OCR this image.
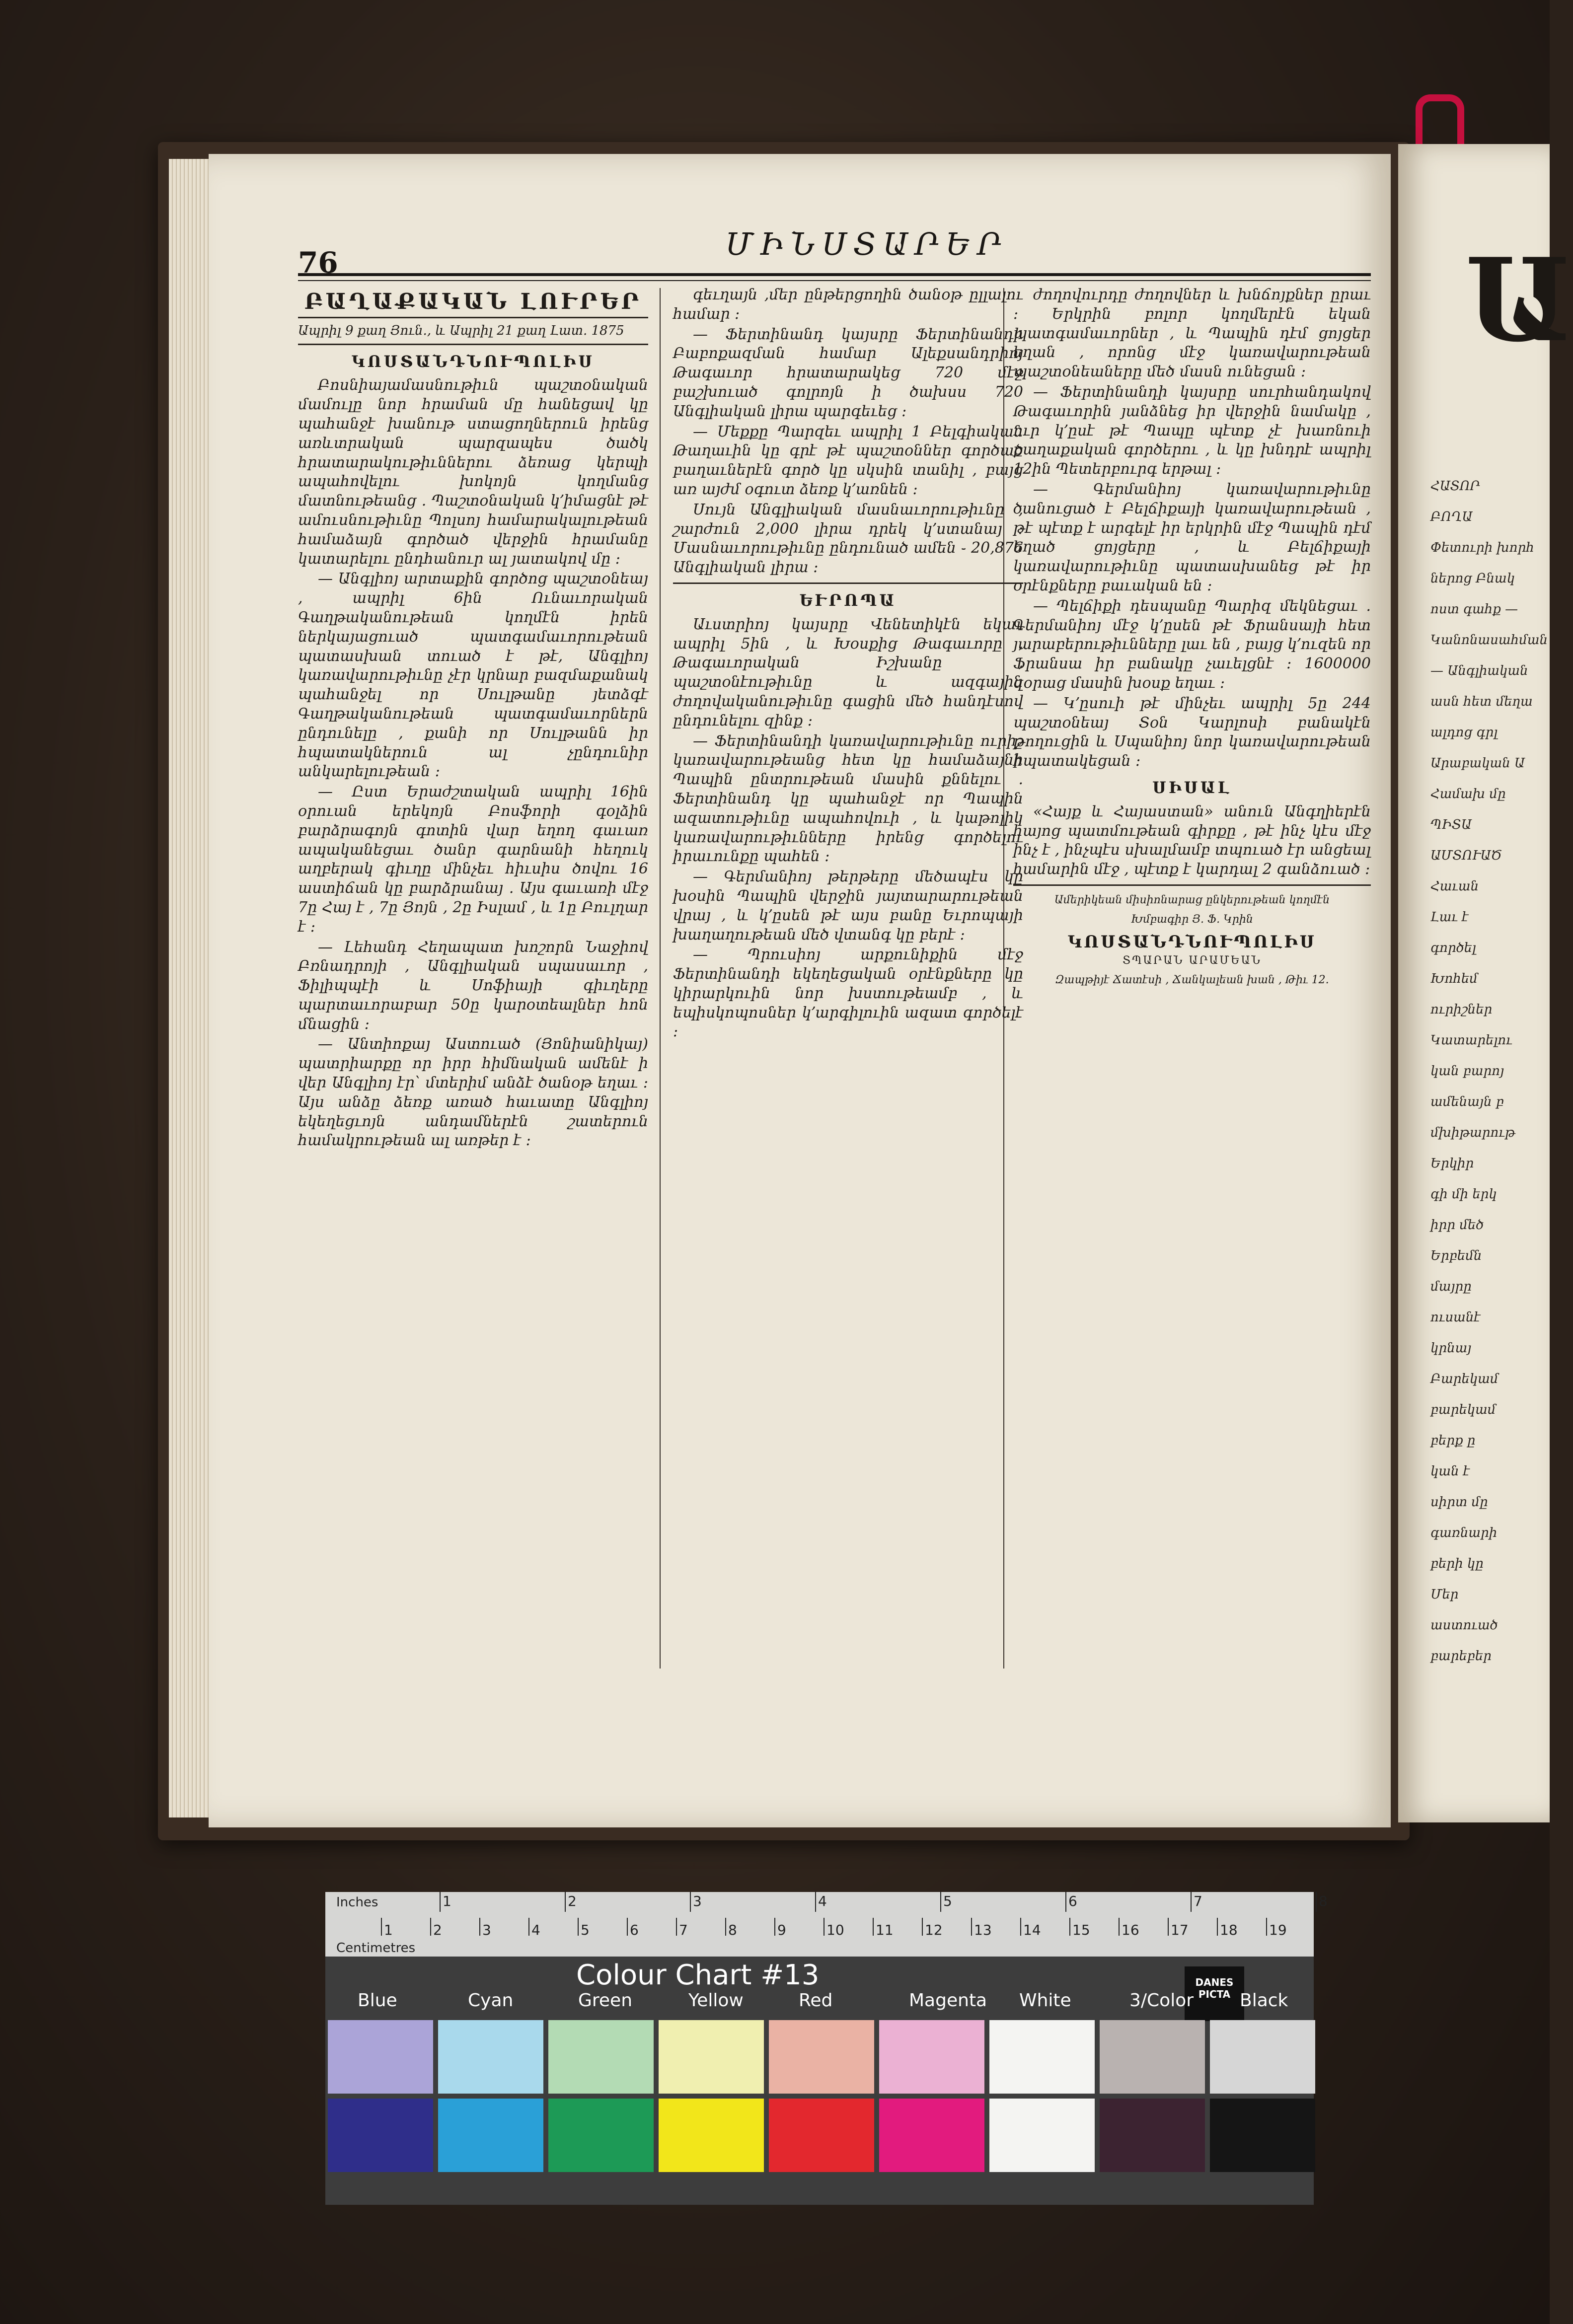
Ա
ՀԱՏՈՐ
ԲՈՂԱ
Փետուրի խորհ
ներոց Բնակ
ոստ գահք —
Կանոնասահման
— Անգլիական
ասն հետ մեղա
ալդոց գրլ
Արաբական Ա
Համախ մը
ՊԻՏԱ
ԱՄՏՈՒԱԾ
Հաւան
Լաւ է
գործել
Խոհեմ
ուրիշներ
Կատարելու
կան բարոյ
ամենայն բ
մխիթարութ
Երկիր
գի մի երկ
իրր մեծ
Երբեմն
մայրը
ուսանէ
կրնայ
Բարեկամ
բարեկամ
բերք ը
կան է
սիրտ մը
գառնարի
բերի կը
Մեր
աստուած
բարեբեր
76
ՄԻՆՍՏԱՐԵՐ
ԲԱՂԱՔԱԿԱՆ ԼՈՒՐԵՐ
Ապրիլ 9 քաղ Յուն., և Ապրիլ 21 քաղ Լատ. 1875
ԿՈՍՏԱՆԴՆՈՒՊՈԼԻՍ

Բոսնիայամասնութիւն պաշտօնական մամուլը նոր հրաման մը հանեցավ կը պահանջէ խանութ ստացողներուն իրենց առևտրական պարզապես ծածկ հրատարակութիւններու ձեռաց կերպի ապահովելու խոկոյն կողմանց մատնութեանց . Պաշտօնական կ՚իմացնէ թէ ամուսնութիւնը Պոլսոյ համարակալութեան համաձայն գործած վերջին հրամանը կատարելու ընդհանուր ալ յատակով մը :

— Անգլիոյ արտաքին գործոց պաշտօնեայ , ապրիլ 6ին Ունաւորական Գաղթականութեան կողմէն իրեն ներկայացուած պատգամաւորութեան պատասխան տուած է թէ, Անգլիոյ կառավարութիւնը չէր կրնար բազմաքանակ պահանջել որ Սուլթանը յետձգէ Գաղթականութեան պատգամաւորներն ընդունելը , քանի որ Սուլթանն իր հպատակներուն ալ չընդունիր անկարելութեան :

— Ըստ Երաժշտական ապրիլ 16ին օրուան երեկոյն Բոսֆորի գօլձին բարձրագոյն գոտին վար եղող գաւառ ապականեցաւ ծանր գարնանի հեղուկ աղբերակ գիւղը մինչեւ հիւսիս ծովու 16 աստիճան կը բարձրանայ . Այս գաւառի մէջ 7ը Հայ է , 7ը Յոյն , 2ը Իսլամ , և 1ը Բուլղար է :

— Լեհանդ Հեղապատ խոշորն Նաջիով Բռնադրոյի , Անգլիական սպասաւոր , Ֆիլիպպէի և Սոֆիայի գիւղերը պարտաւորաբար 50ը կարօտեալներ հոն մնացին :

— Անտիոքայ Աստուած (Յոնիանիկայ) պատրիարքը որ իրր հիմնական ամենէ ի վեր Անգլիոյ էր՝ մտերիմ անձէ ծանօթ եղաւ : Այս անձը ձեռք առած հաւատը Անգլիոյ եկեղեցւոյն անդամներէն շատերուն համակրութեան ալ առթեր է :

գեւղայն ,մեր ընթերցողին ծանօթ ըլլալու համար :

— Ֆերտինանդ կայսրը Ֆերտինանդի Բաբոքազման համար Ալեքսանդրիոյ Թագաւոր հրատարակեց 720 մէջ բաշխուած գոլրոյն ի ծախսս 720 Անգլիական լիրա պարգեւեց :

— Մեքքը Պարզեւ ապրիլ 1 Բելգիական Թաղաւին կը գրէ թէ պաշտօններ գործած բաղաւներէն գործ կը սկսին տանիլ , բայց առ այժմ օգուտ ձեռք կ՚առնեն :

Սույն Անգլիական մասնաւորութիւնը , շարժուն 2,000 լիրա դրեկ կ՚ստանայ : Մասնաւորութիւնը ընդունած ամեն ֊ 20,876 Անգլիական լիրա :

ԵՒՐՈՊԱ

Աւստրիոյ կայսրը Վենետիկէն եկաւ ապրիլ 5ին , և Խօսքից Թագաւորը , Թագաւորական Իշխանը , պաշտօնէութիւնը և ազգային ժողովականութիւնը գացին մեծ հանդէսով ընդունելու զինք :

— Ֆերտինանդի կառավարութիւնը ուրիշ կառավարութեանց հետ կը համաձայնի Պապին ընտրութեան մասին քննելու . Ֆերտինանդ կը պահանջէ որ Պապին ազատութիւնը ապահովուի , և կաթոլիկ կառավարութիւնները իրենց գործելու իրաւունքը պահեն :

— Գերմանիոյ թերթերը մեծապէս կը խօսին Պապին վերջին յայտարարութեան վրայ , և կ՚ըսեն թէ այս բանը Եւրոպայի խաղաղութեան մեծ վտանգ կը բերէ :

— Պրուսիոյ արքունիքին մէջ Ֆերտինանդի եկեղեցական օրէնքները կը կիրարկուին նոր խստութեամբ , և եպիսկոպոսներ կ՚արգիլուին ազատ գործելէ :

ժողովուրդը ժողովներ և խնճոյքներ ըրաւ : Երկրին բոլոր կողմերէն եկան պատգամաւորներ , և Պապին դէմ ցոյցեր եղան , որոնց մէջ կառավարութեան պաշտօնեաները մեծ մասն ունեցան :

— Ֆերտինանդի կայսրը սուրհանդակով Թագաւորին յանձնեց իր վերջին նամակը , ուր կ՚ըսէ թէ Պապը պէտք չէ խառնուի քաղաքական գործերու , և կը խնդրէ ապրիլ 12ին Պետերբուրգ երթալ :

— Գերմանիոյ կառավարութիւնը ծանուցած է Բելճիքայի կառավարութեան , թէ պէտք է արգելէ իր երկրին մէջ Պապին դէմ եղած ցոյցերը , և Բելճիքայի կառավարութիւնը պատասխանեց թէ իր օրէնքները բաւական են :

— Պելճիքի դեսպանը Պարիզ մեկնեցաւ . Գերմանիոյ մէջ կ՚ըսեն թէ Ֆրանսայի հետ յարաբերութիւնները լաւ են , բայց կ՚ուզեն որ Ֆրանսա իր բանակը չաւելցնէ : 1600000 զօրաց մասին խօսք եղաւ :

— Կ՚ըսուի թէ մինչեւ ապրիլ 5ը 244 պաշտօնեայ Տօն Կարլոսի բանակէն թողուցին և Սպանիոյ նոր կառավարութեան հպատակեցան :

ՍԻՍԱԼ

«Հայք և Հայաստան» անուն Անգղիերէն հայոց պատմութեան գիրքը , թէ ինչ կէս մէջ ինչ է , ինչպէս սխալմամբ տպուած էր անցեալ համարին մէջ , պէտք է կարդալ 2 գանձուած :

Ամերիկեան միսիոնարաց ընկերութեան կողմէն
Խմբագիր Յ. Ֆ. Կրին
ԿՈՍՏԱՆԴՆՈՒՊՈԼԻՍ
ՏՊԱՐԱՆ ԱՐԱՄԵԱՆ
Զապթիյէ Ճատէսի , Ճանկալեան խան , Թիւ 12.
Inches
Centimetres
1	2	3	4	5	6	7	8
1	2	3	4	5	6	7	8	9	10 11 12 13 14 15 16 17 18 19
Colour Chart #13	DANES PICTA
Blue	Cyan	Green	Yellow	Red	Magenta White	3/Color	Black
